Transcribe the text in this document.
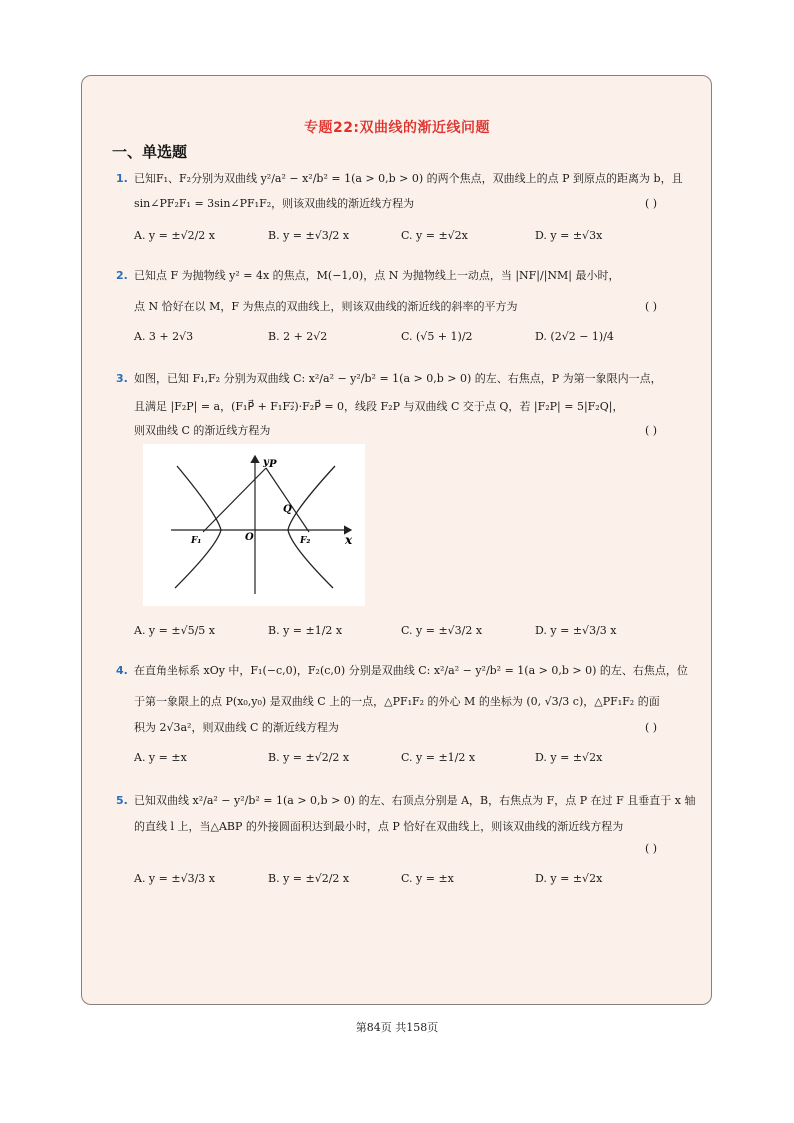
专题22:双曲线的渐近线问题
一、单选题
1. 已知F₁、F₂分别为双曲线 y²/a² − x²/b² = 1(a > 0,b > 0) 的两个焦点，双曲线上的点 P 到原点的距离为 b，且
sin∠PF₂F₁ = 3sin∠PF₁F₂，则该双曲线的渐近线方程为	( )
A. y = ±√2/2 x	B. y = ±√3/2 x	C. y = ±√2x	D. y = ±√3x
2. 已知点 F 为抛物线 y² = 4x 的焦点，M(−1,0)，点 N 为抛物线上一动点，当 |NF|/|NM| 最小时，
点 N 恰好在以 M，F 为焦点的双曲线上，则该双曲线的渐近线的斜率的平方为	( )
A. 3 + 2√3	B. 2 + 2√2	C. (√5 + 1)/2	D. (2√2 − 1)/4
3. 如图，已知 F₁,F₂ 分别为双曲线 C: x²/a² − y²/b² = 1(a > 0,b > 0) 的左、右焦点，P 为第一象限内一点，
且满足 |F₂P| = a，(F₁P⃗ + F₁F₂⃗)·F₂P⃗ = 0，线段 F₂P 与双曲线 C 交于点 Q，若 |F₂P| = 5|F₂Q|，
则双曲线 C 的渐近线方程为	( )
y P
Q
O
F₁	F₂	x
A. y = ±√5/5 x	B. y = ±1/2 x	C. y = ±√3/2 x	D. y = ±√3/3 x
4. 在直角坐标系 xOy 中，F₁(−c,0)，F₂(c,0) 分别是双曲线 C: x²/a² − y²/b² = 1(a > 0,b > 0) 的左、右焦点，位
于第一象限上的点 P(x₀,y₀) 是双曲线 C 上的一点，△PF₁F₂ 的外心 M 的坐标为 (0, √3/3 c)，△PF₁F₂ 的面
积为 2√3a²，则双曲线 C 的渐近线方程为	( )
A. y = ±x	B. y = ±√2/2 x	C. y = ±1/2 x	D. y = ±√2x
5. 已知双曲线 x²/a² − y²/b² = 1(a > 0,b > 0) 的左、右顶点分别是 A，B，右焦点为 F，点 P 在过 F 且垂直于 x 轴
的直线 l 上，当△ABP 的外接圆面积达到最小时，点 P 恰好在双曲线上，则该双曲线的渐近线方程为
( )
A. y = ±√3/3 x	B. y = ±√2/2 x	C. y = ±x	D. y = ±√2x
第84页 共158页
